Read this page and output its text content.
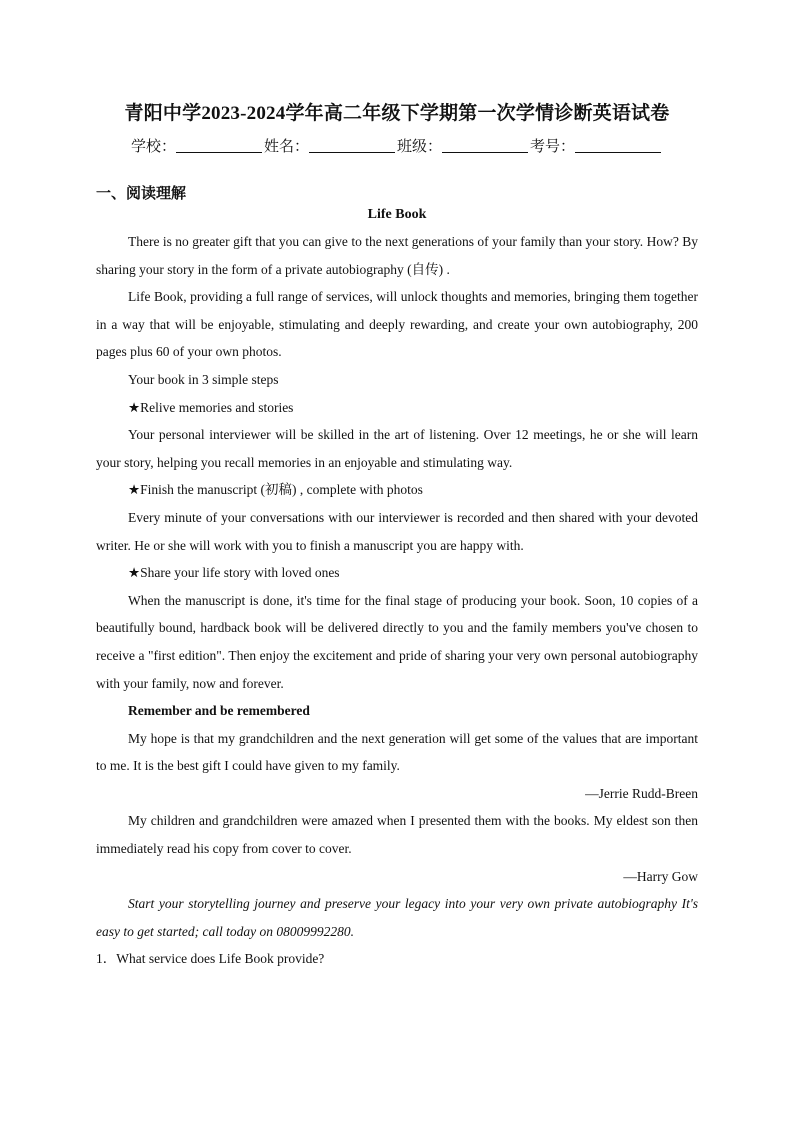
青阳中学2023-2024学年高二年级下学期第一次学情诊断英语试卷
学校：	姓名：	班级：	考号：
一、阅读理解
Life Book

There is no greater gift that you can give to the next generations of your family than your story. How? By sharing your story in the form of a private autobiography (自传) .

Life Book, providing a full range of services, will unlock thoughts and memories, bringing them together in a way that will be enjoyable, stimulating and deeply rewarding, and create your own autobiography, 200 pages plus 60 of your own photos.

Your book in 3 simple steps

★Relive memories and stories

Your personal interviewer will be skilled in the art of listening. Over 12 meetings, he or she will learn your story, helping you recall memories in an enjoyable and stimulating way.

★Finish the manuscript (初稿) , complete with photos

Every minute of your conversations with our interviewer is recorded and then shared with your devoted writer. He or she will work with you to finish a manuscript you are happy with.

★Share your life story with loved ones

When the manuscript is done, it's time for the final stage of producing your book. Soon, 10 copies of a beautifully bound, hardback book will be delivered directly to you and the family members you've chosen to receive a "first edition". Then enjoy the excitement and pride of sharing your very own personal autobiography with your family, now and forever.

Remember and be remembered

My hope is that my grandchildren and the next generation will get some of the values that are important to me. It is the best gift I could have given to my family.

—Jerrie Rudd-Breen

My children and grandchildren were amazed when I presented them with the books. My eldest son then immediately read his copy from cover to cover.

—Harry Gow

Start your storytelling journey and preserve your legacy into your very own private autobiography It's easy to get started; call today on 08009992280.

1．What service does Life Book provide?
